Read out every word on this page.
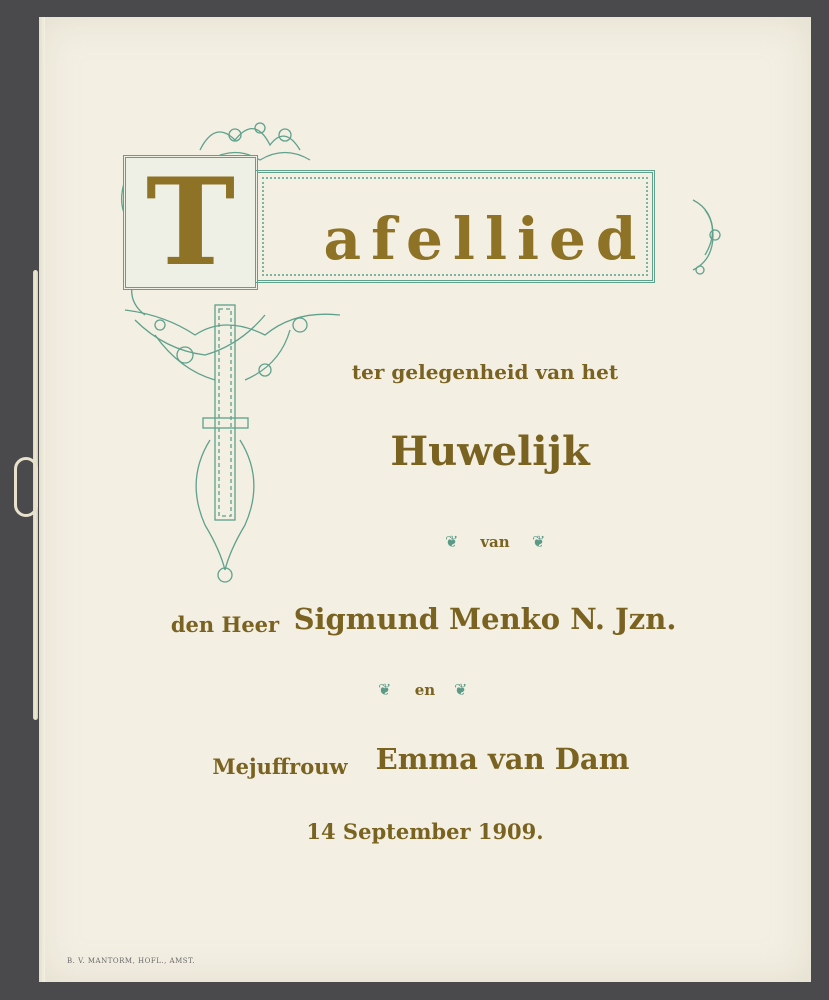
T	afellied
ter gelegenheid van het
Huwelijk
❦	van	❦
den Heer Sigmund Menko N. Jzn.
❦	en	❦
Mejuffrouw Emma van Dam
14 September 1909.
B. V. MANTORM, HOFL., AMST.
